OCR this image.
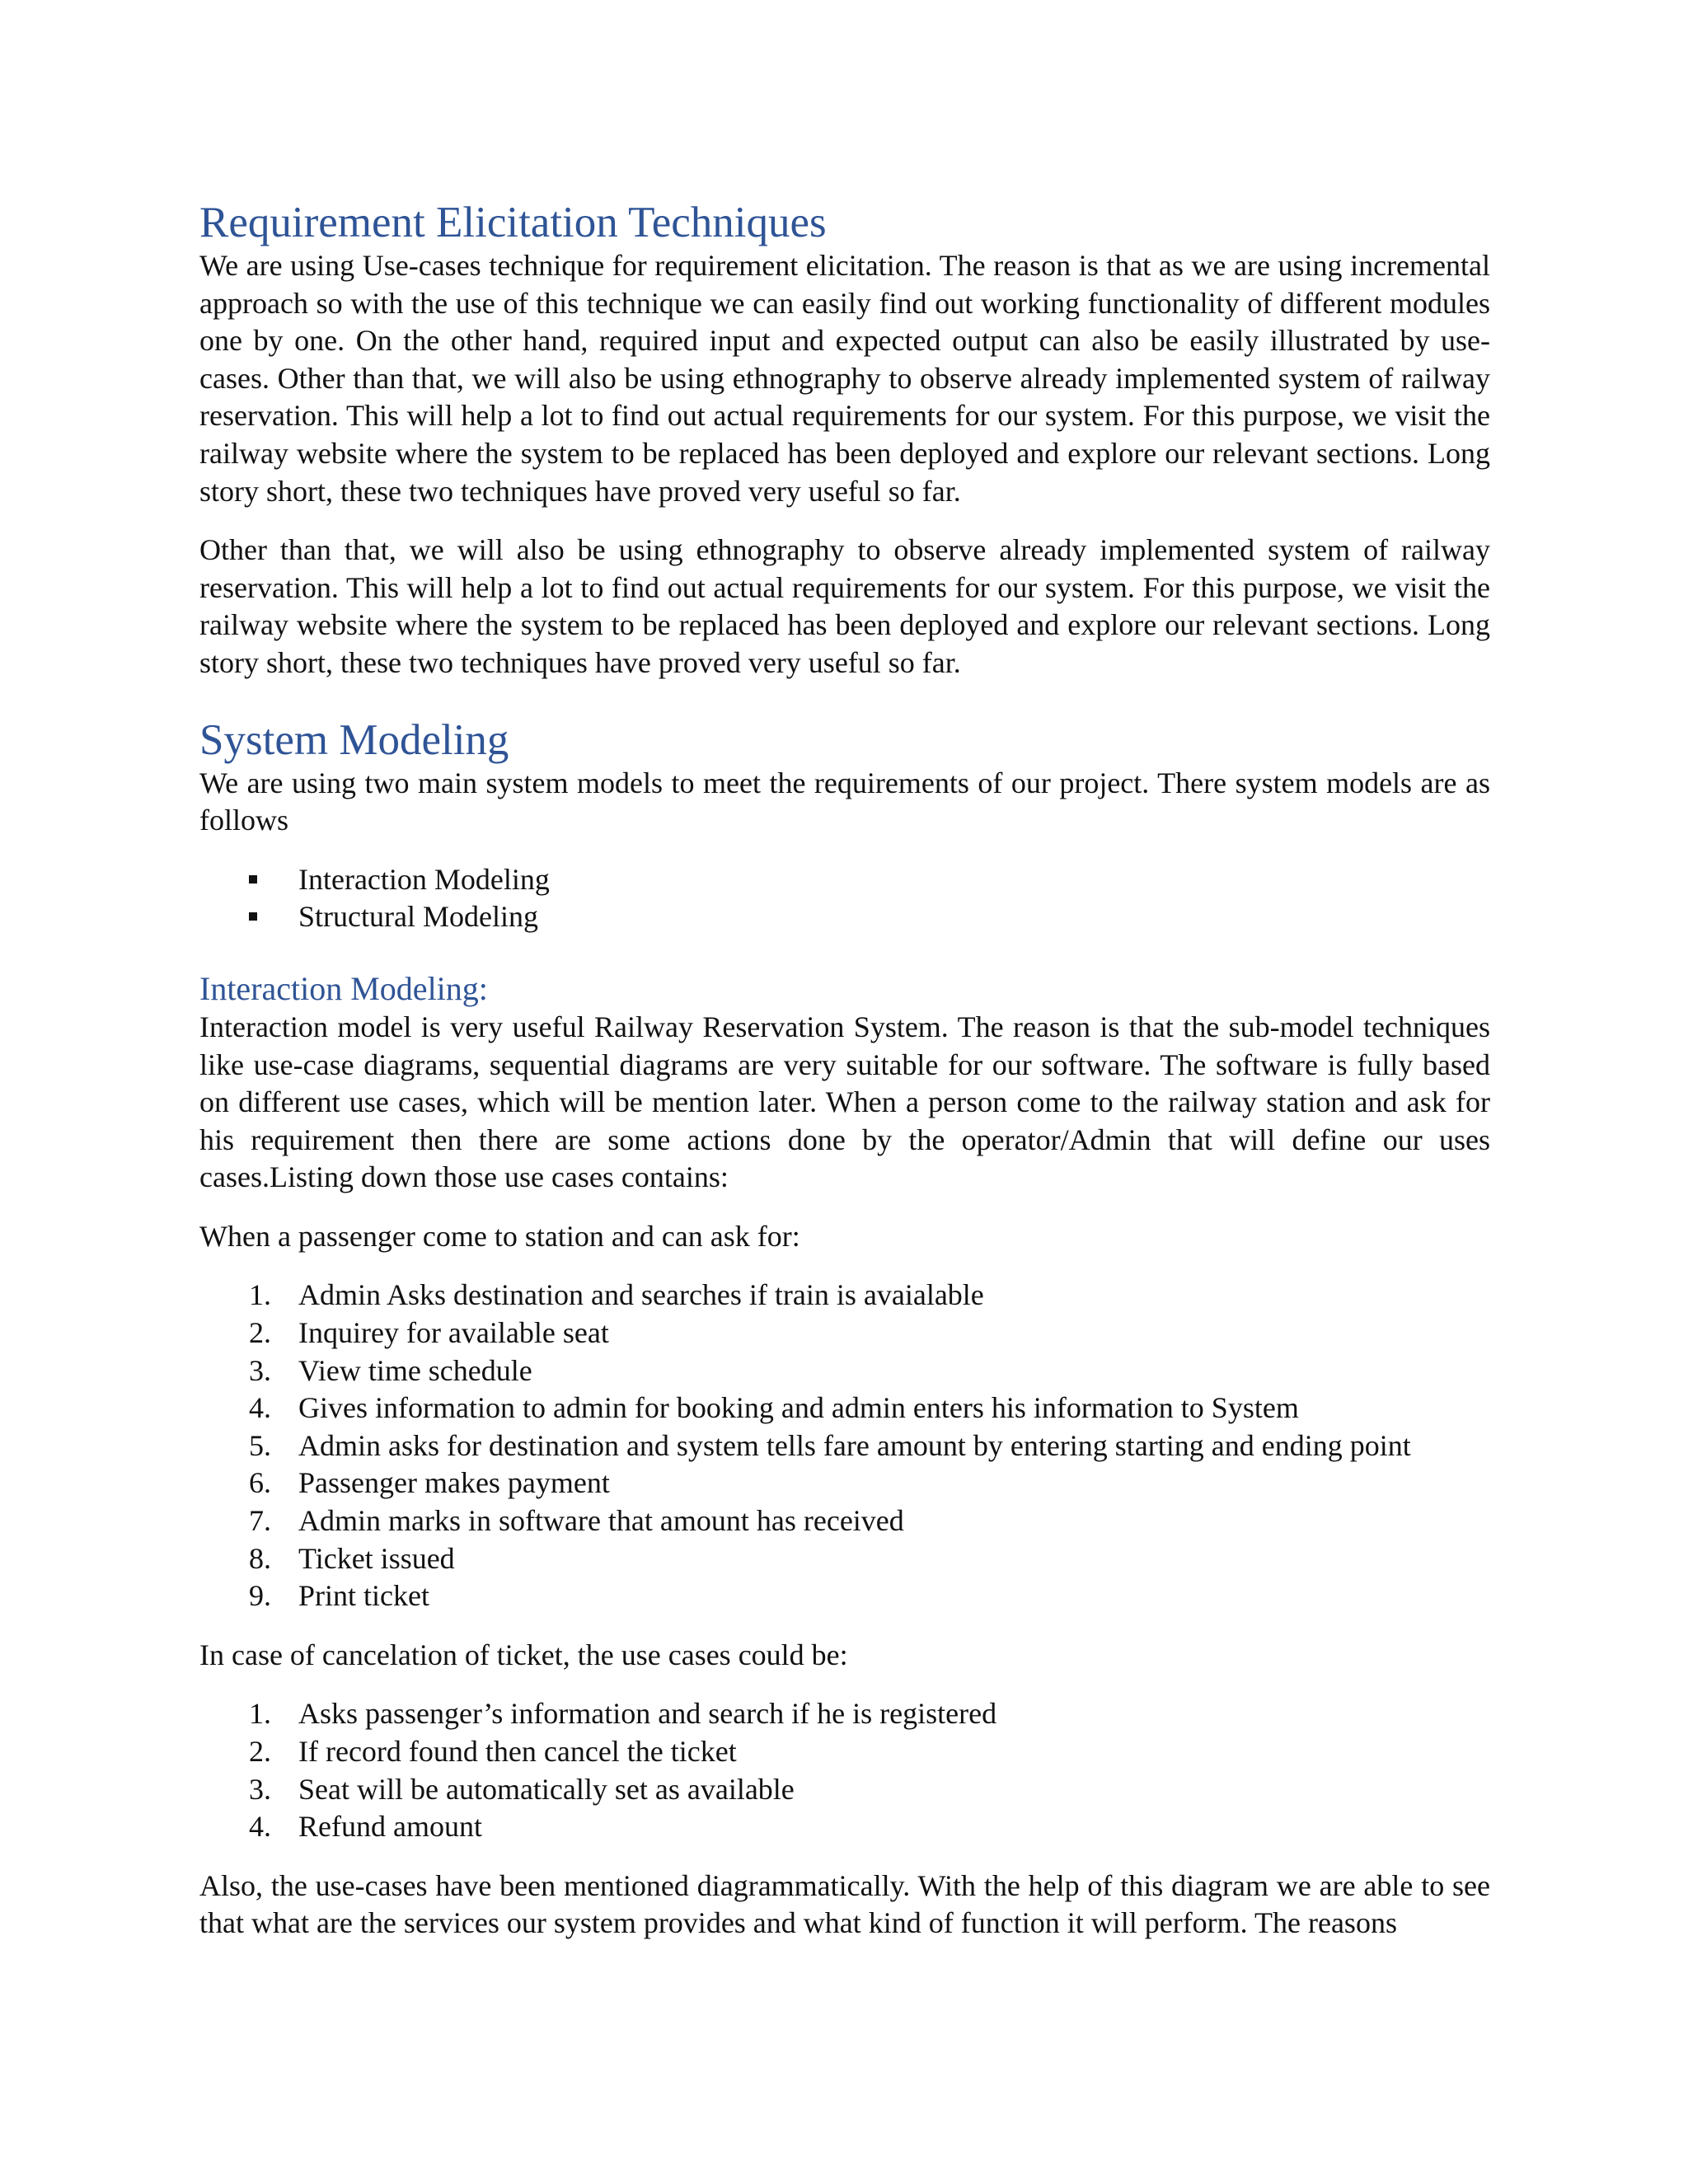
Requirement Elicitation Techniques

We are using Use-cases technique for requirement elicitation. The reason is that as we are using incremental approach so with the use of this technique we can easily find out working functionality of different modules one by one. On the other hand, required input and expected output can also be easily illustrated by use-cases. Other than that, we will also be using ethnography to observe already implemented system of railway reservation. This will help a lot to find out actual requirements for our system. For this purpose, we visit the railway website where the system to be replaced has been deployed and explore our relevant sections. Long story short, these two techniques have proved very useful so far.

Other than that, we will also be using ethnography to observe already implemented system of railway reservation. This will help a lot to find out actual requirements for our system. For this purpose, we visit the railway website where the system to be replaced has been deployed and explore our relevant sections. Long story short, these two techniques have proved very useful so far.

System Modeling

We are using two main system models to meet the requirements of our project. There system models are as follows

Interaction Modeling
Structural Modeling
Interaction Modeling:

Interaction model is very useful Railway Reservation System. The reason is that the sub-model techniques like use-case diagrams, sequential diagrams are very suitable for our software. The software is fully based on different use cases, which will be mention later. When a person come to the railway station and ask for his requirement then there are some actions done by the operator/Admin that will define our uses cases.Listing down those use cases contains:

When a passenger come to station and can ask for:

1. Admin Asks destination and searches if train is avaialable
2. Inquirey for available seat
3. View time schedule
4. Gives information to admin for booking and admin enters his information to System
5. Admin asks for destination and system tells fare amount by entering starting and ending point
6. Passenger makes payment
7. Admin marks in software that amount has received
8. Ticket issued
9. Print ticket

In case of cancelation of ticket, the use cases could be:

1. Asks passenger’s information and search if he is registered
2. If record found then cancel the ticket
3. Seat will be automatically set as available
4. Refund amount

Also, the use-cases have been mentioned diagrammatically. With the help of this diagram we are able to see that what are the services our system provides and what kind of function it will perform. The reasons
